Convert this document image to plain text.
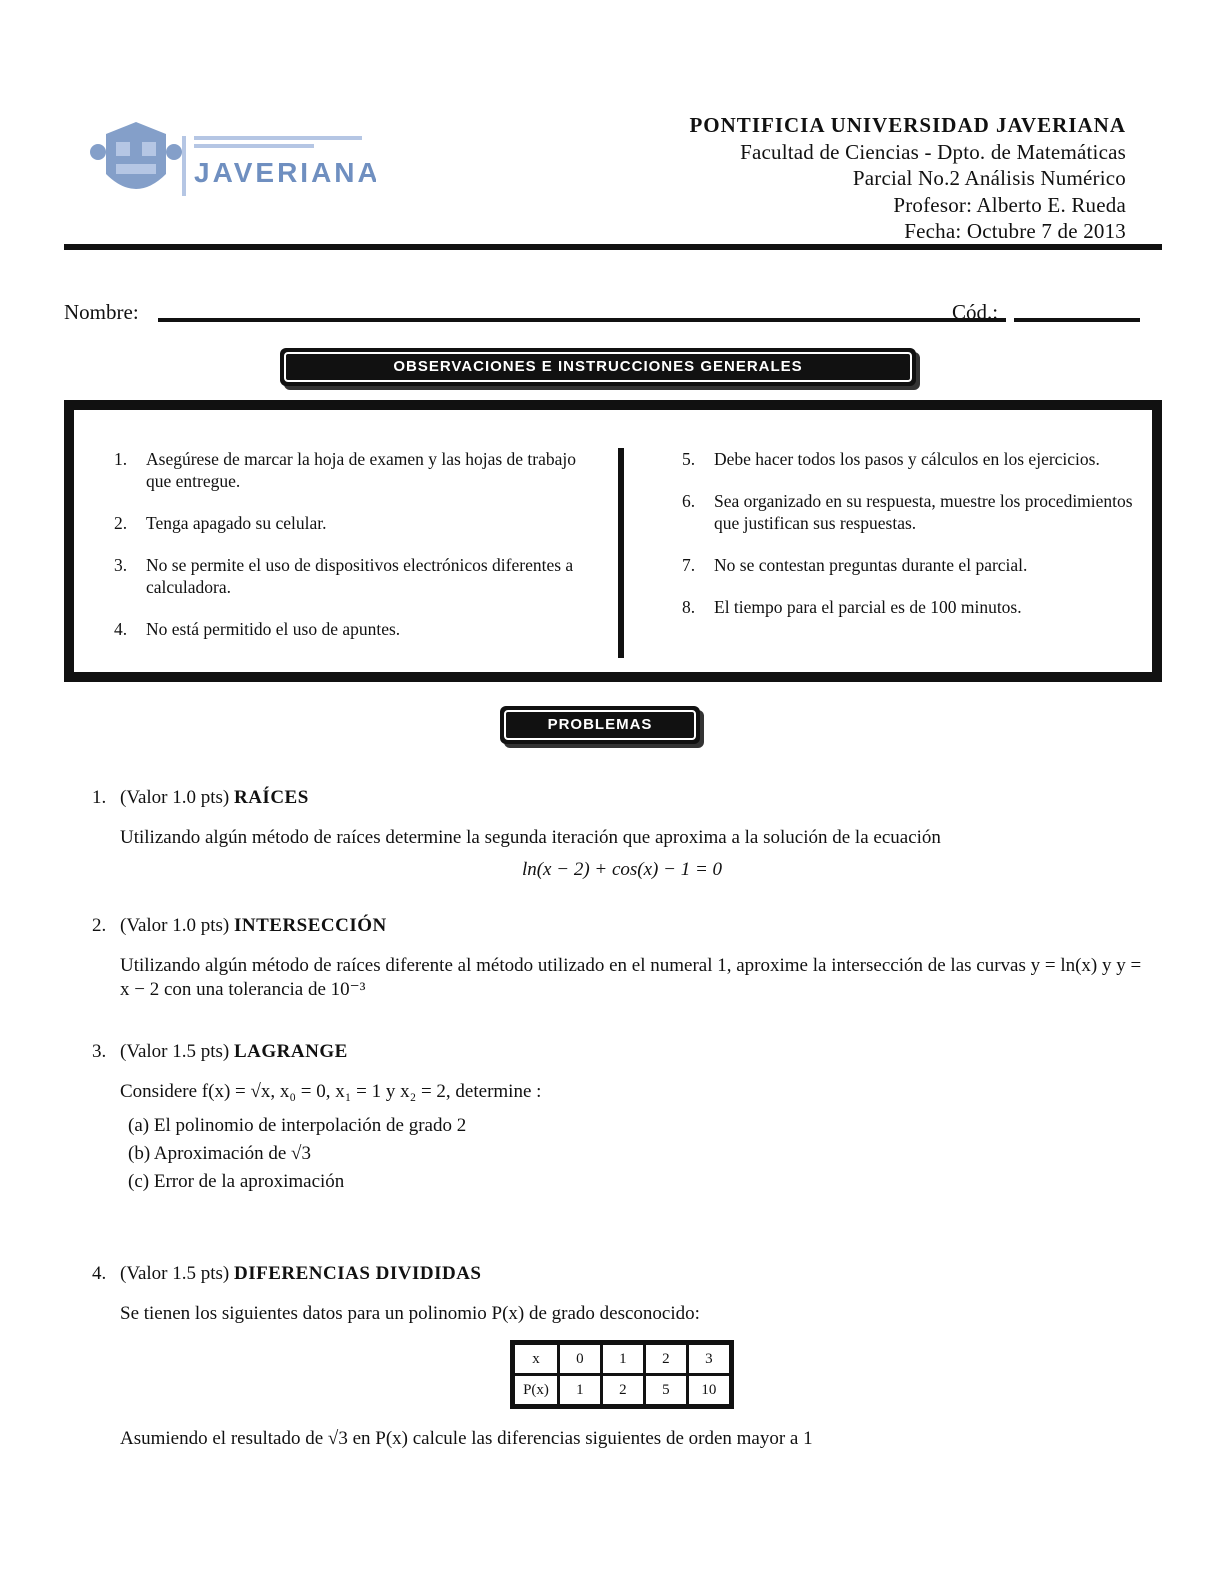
JAVERIANA
PONTIFICIA UNIVERSIDAD JAVERIANA
Facultad de Ciencias - Dpto. de Matemáticas
Parcial No.2 Análisis Numérico
Profesor: Alberto E. Rueda
Fecha: Octubre 7 de 2013
Nombre:	Cód.:
OBSERVACIONES E INSTRUCCIONES GENERALES
1. Asegúrese de marcar la hoja de examen y las hojas de trabajo que entregue.
2. Tenga apagado su celular.
3. No se permite el uso de dispositivos electrónicos diferentes a calculadora.
4. No está permitido el uso de apuntes.
5. Debe hacer todos los pasos y cálculos en los ejercicios.
6. Sea organizado en su respuesta, muestre los procedimientos que justifican sus respuestas.
7. No se contestan preguntas durante el parcial.
8. El tiempo para el parcial es de 100 minutos.
PROBLEMAS
1. (Valor 1.0 pts) RAÍCES
Utilizando algún método de raíces determine la segunda iteración que aproxima a la solución de la ecuación
ln(x − 2) + cos(x) − 1 = 0
2. (Valor 1.0 pts) INTERSECCIÓN
Utilizando algún método de raíces diferente al método utilizado en el numeral 1, aproxime la intersección de las curvas y = ln(x) y y = x − 2 con una tolerancia de 10⁻³
3. (Valor 1.5 pts) LAGRANGE
Considere f(x) = √x, x₀ = 0, x₁ = 1 y x₂ = 2, determine :
(a) El polinomio de interpolación de grado 2
(b) Aproximación de √3
(c) Error de la aproximación
4. (Valor 1.5 pts) DIFERENCIAS DIVIDIDAS
Se tienen los siguientes datos para un polinomio P(x) de grado desconocido:
x	0	1	2	3
P(x)	1	2	5	10
Asumiendo el resultado de √3 en P(x) calcule las diferencias siguientes de orden mayor a 1
